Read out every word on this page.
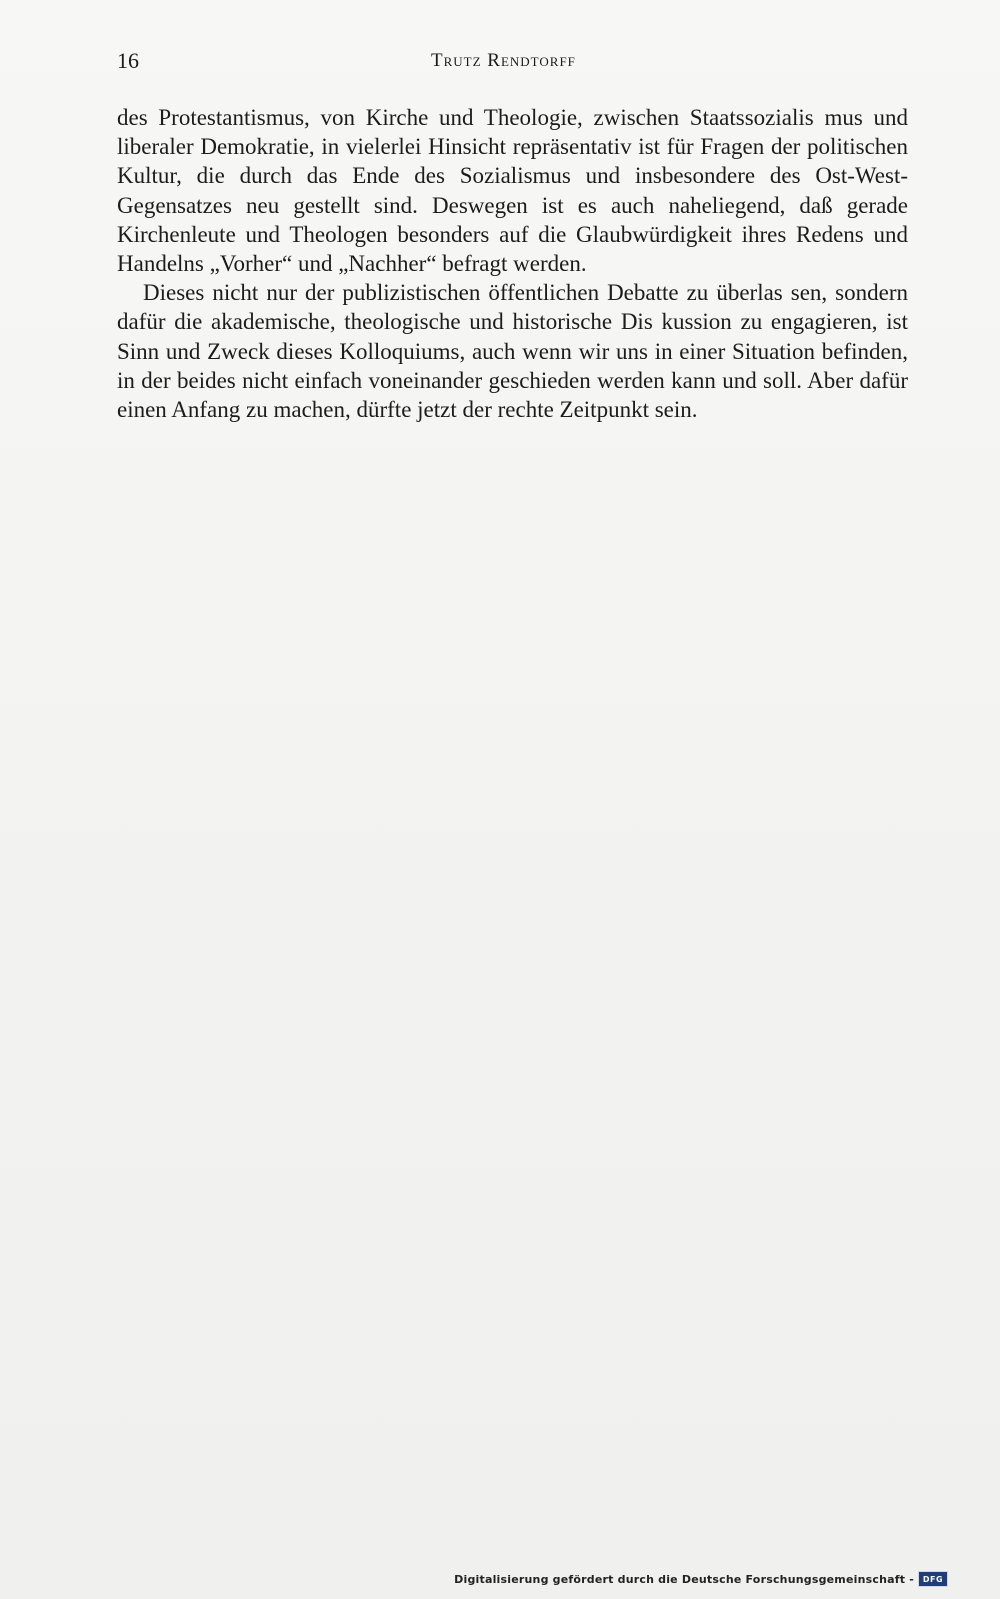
16	Trutz Rendtorff

des Protestantismus, von Kirche und Theologie, zwischen Staatssozialis mus und liberaler Demokratie, in vielerlei Hinsicht repräsentativ ist für Fragen der politischen Kultur, die durch das Ende des Sozialismus und insbesondere des Ost-West-Gegensatzes neu gestellt sind. Deswegen ist es auch naheliegend, daß gerade Kirchenleute und Theologen besonders auf die Glaubwürdigkeit ihres Redens und Handelns „Vorher“ und „Nachher“ befragt werden.

Dieses nicht nur der publizistischen öffentlichen Debatte zu überlas sen, sondern dafür die akademische, theologische und historische Dis kussion zu engagieren, ist Sinn und Zweck dieses Kolloquiums, auch wenn wir uns in einer Situation befinden, in der beides nicht einfach voneinander geschieden werden kann und soll. Aber dafür einen Anfang zu machen, dürfte jetzt der rechte Zeitpunkt sein.

Digitalisierung gefördert durch die Deutsche Forschungsgemeinschaft -	DFG
